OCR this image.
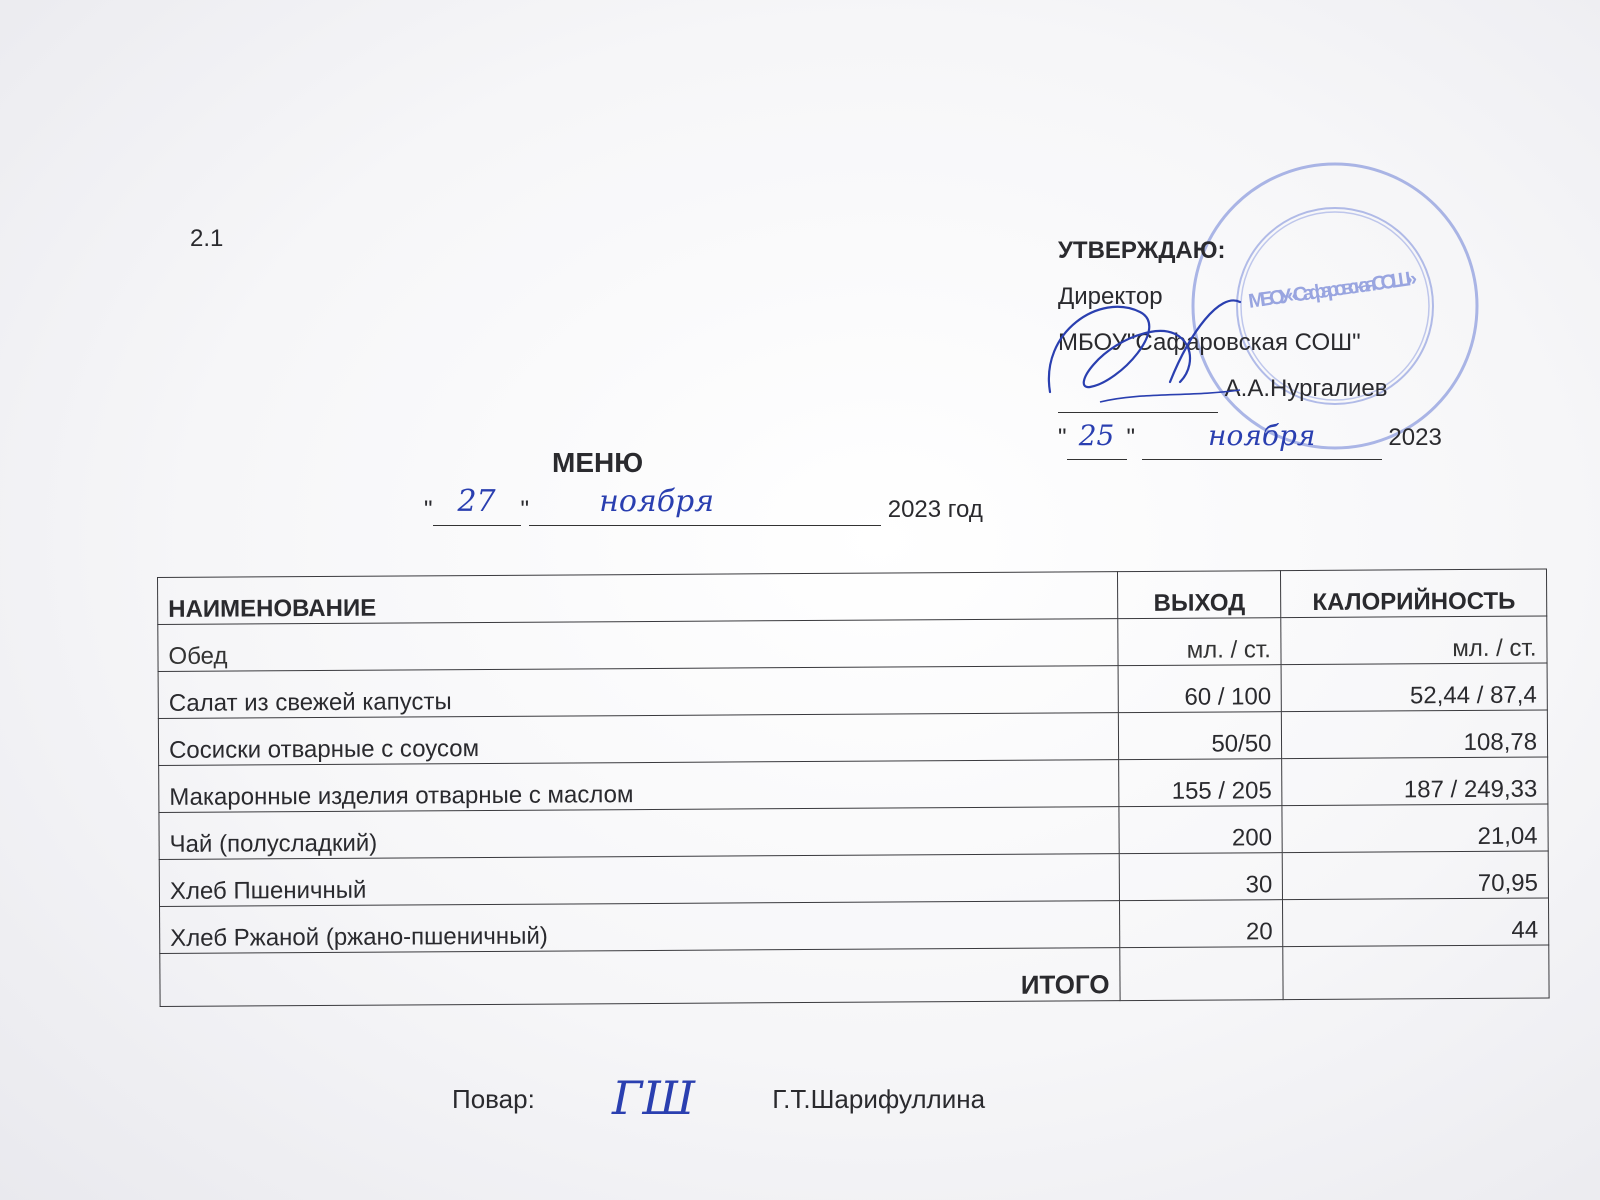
2.1
МБОУ «Сафаровская СОШ»
УТВЕРЖДАЮ:
Директор
МБОУ"Сафаровская СОШ"
А.А.Нургалиев
" 25 "	ноября	2023
МЕНЮ
" 27 " ноября	2023 год
НАИМЕНОВАНИЕ	ВЫХОД	КАЛОРИЙНОСТЬ
Обед	мл. / ст.	мл. / ст.
Салат из свежей капусты	60 / 100	52,44 / 87,4
Сосиски отварные с соусом	50/50	108,78
Макаронные изделия отварные с маслом	155 / 205	187 / 249,33
Чай (полусладкий)	200	21,04
Хлеб Пшеничный	30	70,95
Хлеб Ржаной (ржано-пшеничный)	20	44
ИТОГО		
Повар: ГШ	Г.Т.Шарифуллина
